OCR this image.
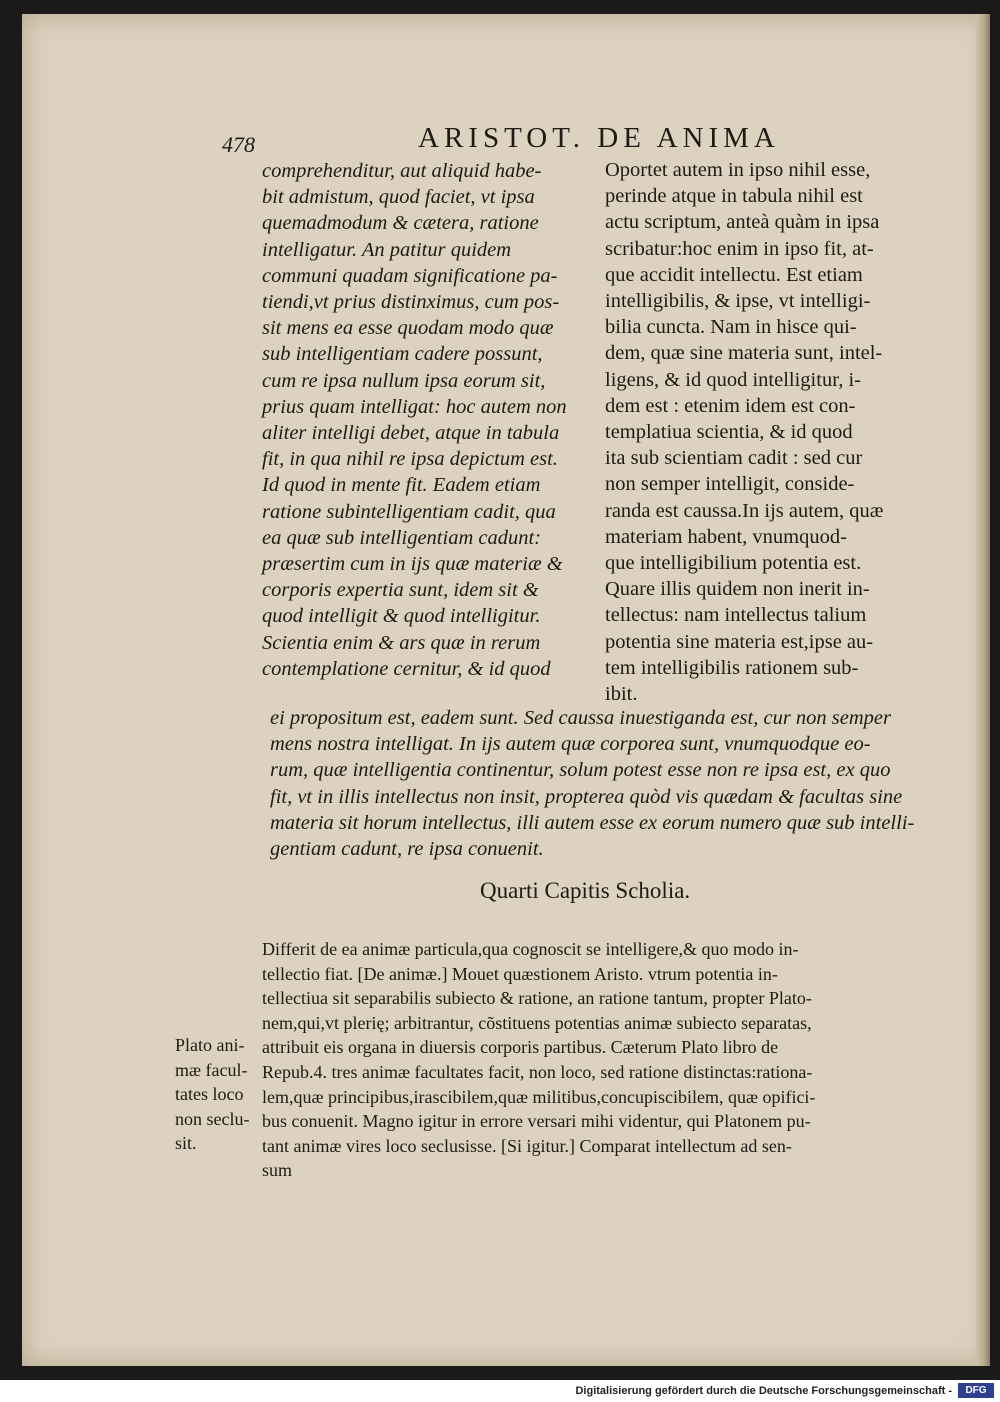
478	ARISTOT. DE ANIMA
comprehenditur, aut aliquid habe-
bit admistum, quod faciet, vt ipsa
quemadmodum & cætera, ratione
intelligatur. An patitur quidem
communi quadam significatione pa-
tiendi,vt prius distinximus, cum pos-
sit mens ea esse quodam modo quæ
sub intelligentiam cadere possunt,
cum re ipsa nullum ipsa eorum sit,
prius quam intelligat: hoc autem non
aliter intelligi debet, atque in tabula
fit, in qua nihil re ipsa depictum est.
Id quod in mente fit. Eadem etiam
ratione subintelligentiam cadit, qua
ea quæ sub intelligentiam cadunt:
præsertim cum in ijs quæ materiæ &
corporis expertia sunt, idem sit &
quod intelligit & quod intelligitur.
Scientia enim & ars quæ in rerum
contemplatione cernitur, & id quod
Oportet autem in ipso nihil esse,
perinde atque in tabula nihil est
actu scriptum, anteà quàm in ipsa
scribatur:hoc enim in ipso fit, at-
que accidit intellectu. Est etiam
intelligibilis, & ipse, vt intelligi-
bilia cuncta. Nam in hisce qui-
dem, quæ sine materia sunt, intel-
ligens, & id quod intelligitur, i-
dem est : etenim idem est con-
templatiua scientia, & id quod
ita sub scientiam cadit : sed cur
non semper intelligit, conside-
randa est caussa.In ijs autem, quæ
materiam habent, vnumquod-
que intelligibilium potentia est.
Quare illis quidem non inerit in-
tellectus: nam intellectus talium
potentia sine materia est,ipse au-
tem intelligibilis rationem sub-
ibit.
ei propositum est, eadem sunt. Sed caussa inuestiganda est, cur non semper
mens nostra intelligat. In ijs autem quæ corporea sunt, vnumquodque eo-
rum, quæ intelligentia continentur, solum potest esse non re ipsa est, ex quo
fit, vt in illis intellectus non insit, propterea quòd vis quædam & facultas sine
materia sit horum intellectus, illi autem esse ex eorum numero quæ sub intelli-
gentiam cadunt, re ipsa conuenit.
Quarti Capitis Scholia.
Differit de ea animæ particula,qua cognoscit se intelligere,& quo modo in-
tellectio fiat. [De animæ.] Mouet quæstionem Aristo. vtrum potentia in-
tellectiua sit separabilis subiecto & ratione, an ratione tantum, propter Plato-
nem,qui,vt plerię; arbitrantur, cõstituens potentias animæ subiecto separatas,
attribuit eis organa in diuersis corporis partibus. Cæterum Plato libro de
Repub.4. tres animæ facultates facit, non loco, sed ratione distinctas:rationa-
lem,quæ principibus,irascibilem,quæ militibus,concupiscibilem, quæ opifici-
bus conuenit. Magno igitur in errore versari mihi videntur, qui Platonem pu-
tant animæ vires loco seclusisse. [Si igitur.] Comparat intellectum ad sen-
sum
Plato ani-
mæ facul-
tates loco
non seclu-
sit.
Digitalisierung gefördert durch die Deutsche Forschungsgemeinschaft -	DFG
